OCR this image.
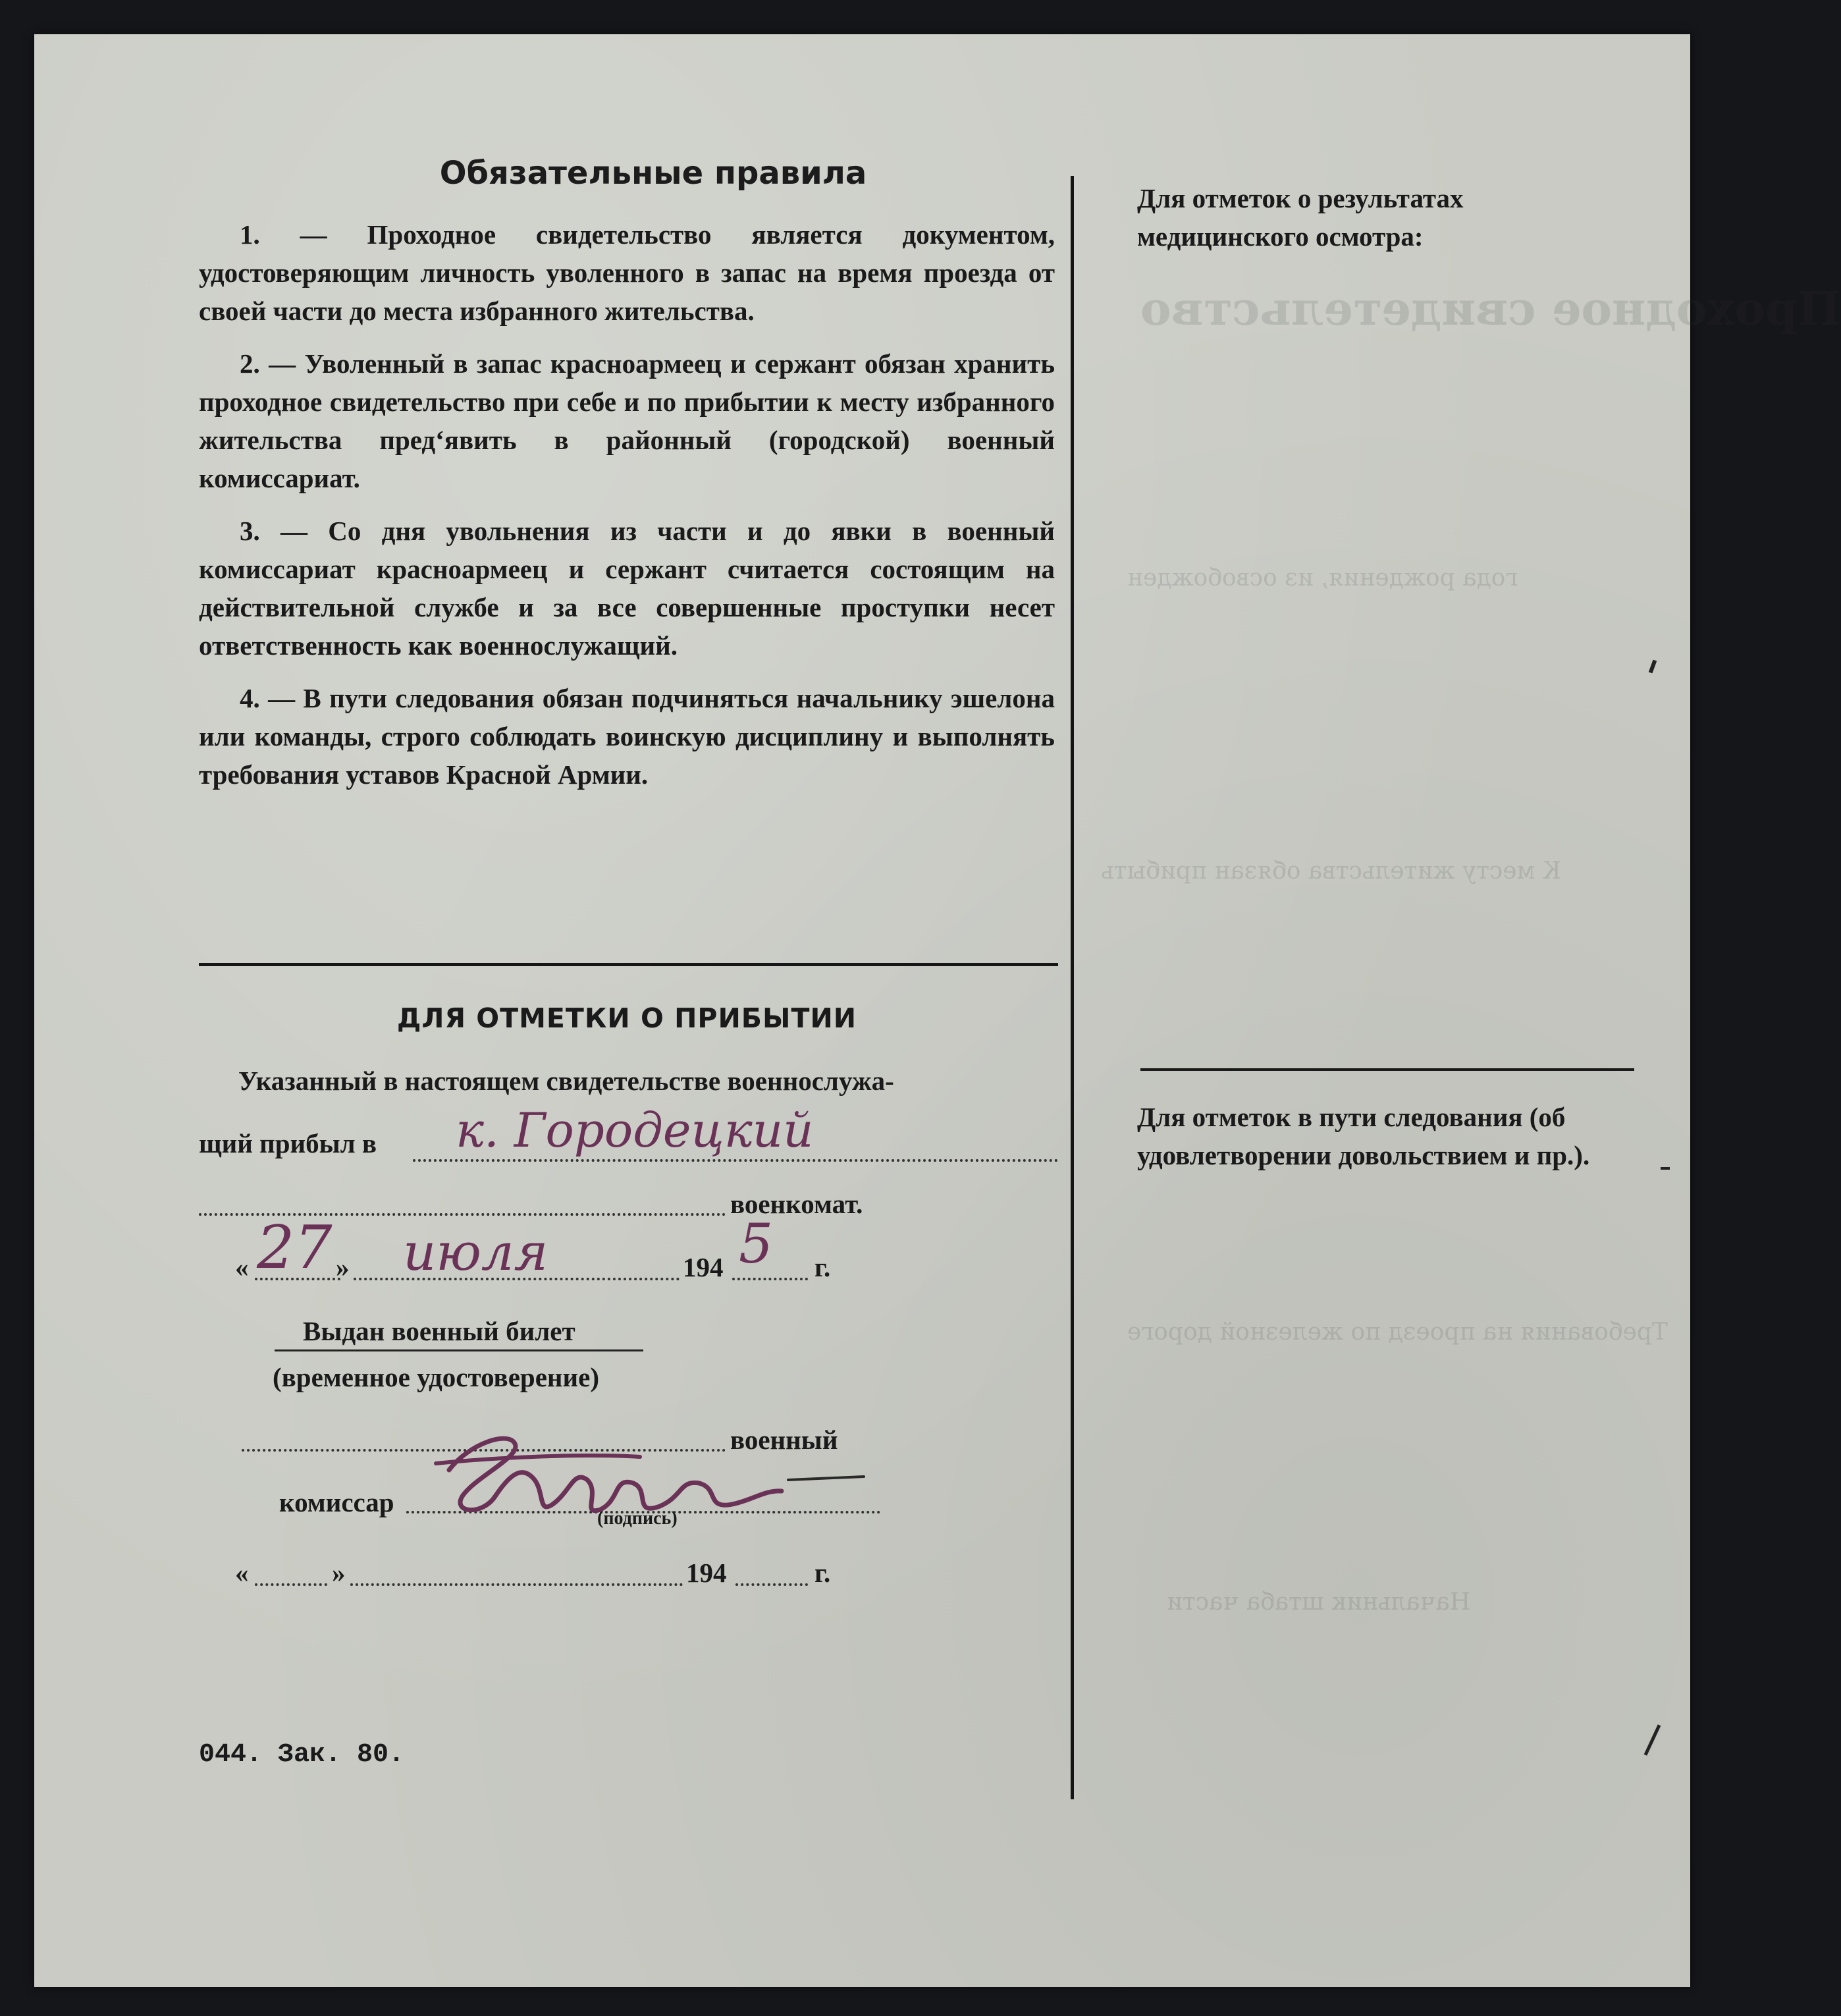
Проходное свидетельство
года рождения, из освобожден
К месту жительства обязан прибыть
Требования на проезд по железной дороге
Начальник штаба части
Обязательные правила

1. — Проходное свидетельство является документом, удостоверяющим личность уволенного в запас на время проезда от своей части до места избранного жительства.

2. — Уволенный в запас красноармеец и сержант обязан хранить проходное свидетельство при себе и по прибытии к месту избранного жительства пред‘явить в районный (городской) военный комиссариат.

3. — Со дня увольнения из части и до явки в военный комиссариат красноармеец и сержант считается состоящим на действительной службе и за все совершенные проступки несет ответственность как военнослужащий.

4. — В пути следования обязан подчиняться начальнику эшелона или команды, строго соблюдать воинскую дисциплину и выполнять требования уставов Красной Армии.

ДЛЯ ОТМЕТКИ О ПРИБЫТИИ
Указанный в настоящем свидетельстве военнослужа-
щий прибыл в к. Городецкий
военкомат.
« 27 » июля	194 5 г.
Выдан военный билет
(временное удостоверение)
военный
комиссар
(подпись)
«	»	194	г.
044. Зак. 80.
Для отметок о результатах медицинского осмотра:
Для отметок в пути следования (об удовлетворении довольствием и пр.).
